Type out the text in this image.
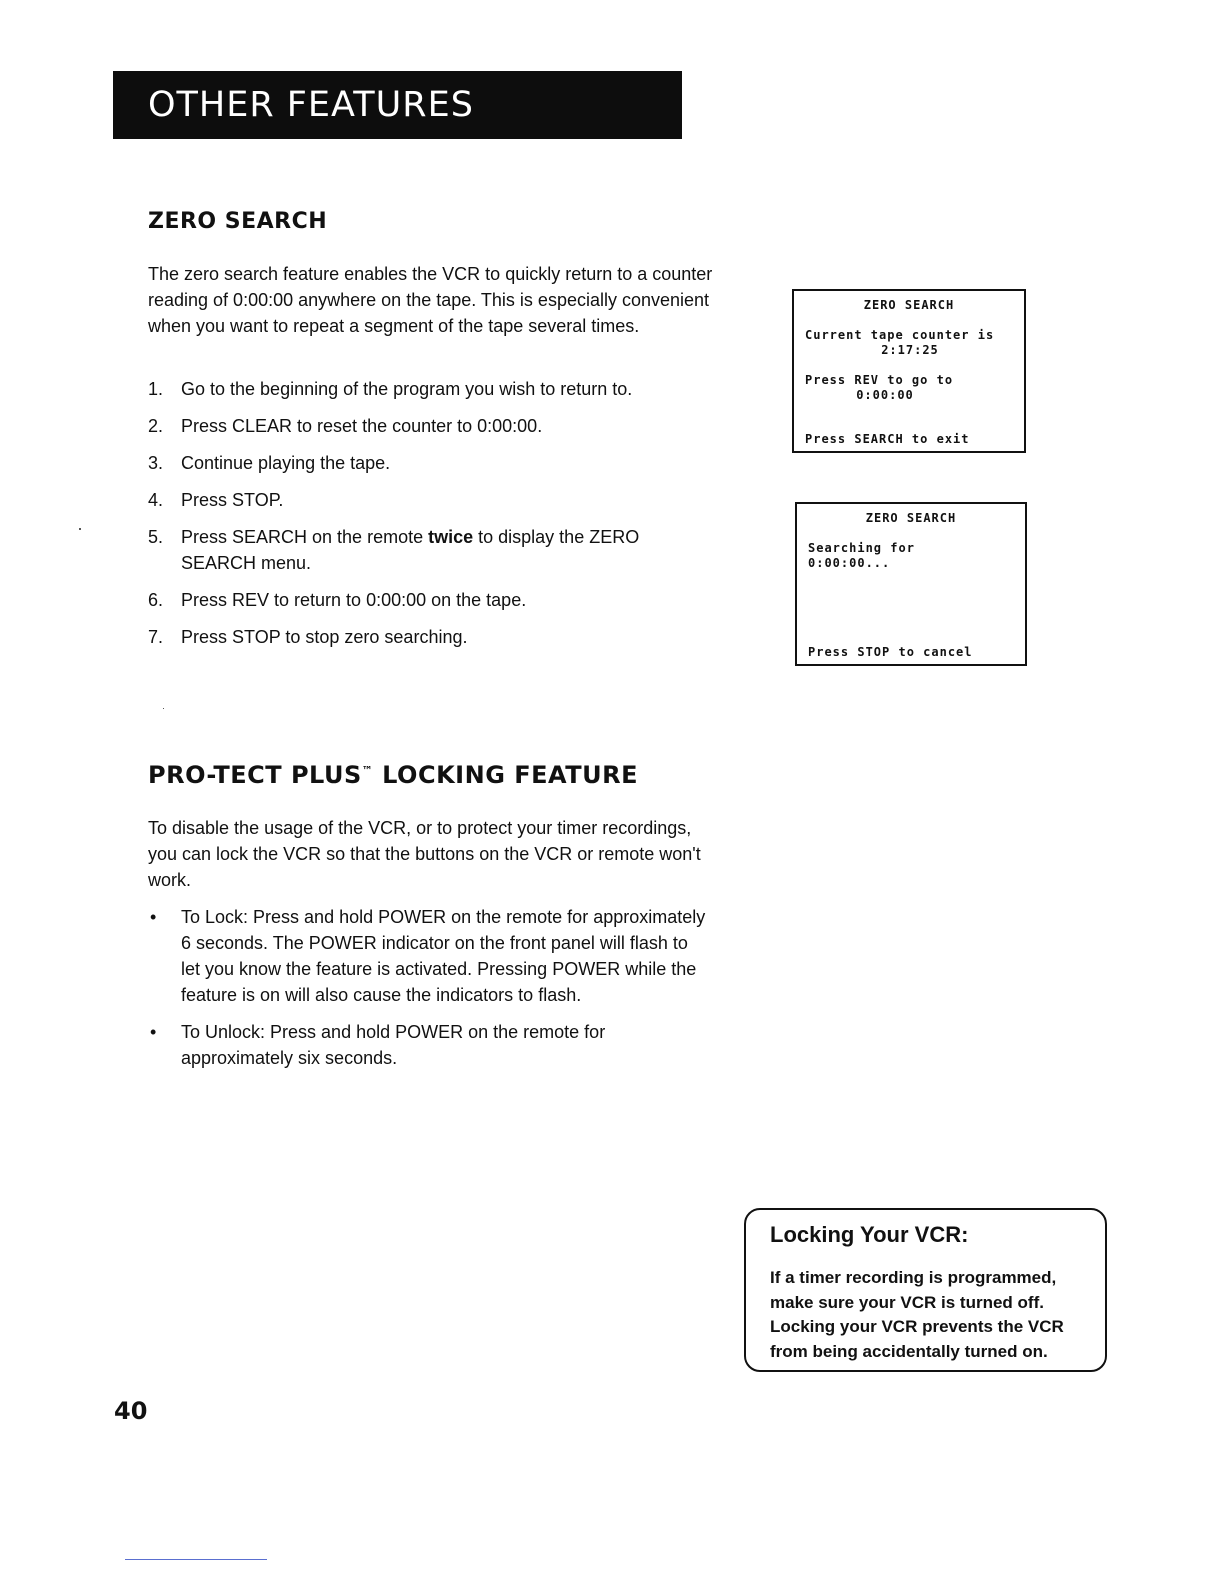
OTHER FEATURES
ZERO SEARCH

The zero search feature enables the VCR to quickly return to a counter reading of 0:00:00 anywhere on the tape. This is especially convenient when you want to repeat a segment of the tape several times.

1. Go to the beginning of the program you wish to return to.
2. Press CLEAR to reset the counter to 0:00:00.
3. Continue playing the tape.
4. Press STOP.
5. Press SEARCH on the remote twice to display the ZERO SEARCH menu.
6. Press REV to return to 0:00:00 on the tape.
7. Press STOP to stop zero searching.
ZERO SEARCH
Current tape counter is
2:17:25
Press REV to go to
0:00:00
Press SEARCH to exit
ZERO SEARCH
Searching for
0:00:00...
Press STOP to cancel
PRO-TECT PLUS™ LOCKING FEATURE

To disable the usage of the VCR, or to protect your timer recordings, you can lock the VCR so that the buttons on the VCR or remote won't work.

• To Lock: Press and hold POWER on the remote for approximately 6 seconds. The POWER indicator on the front panel will flash to let you know the feature is activated. Pressing POWER while the feature is on will also cause the indicators to flash.
• To Unlock: Press and hold POWER on the remote for approximately six seconds.
Locking Your VCR:
If a timer recording is programmed, make sure your VCR is turned off. Locking your VCR prevents the VCR from being accidentally turned on.
40
